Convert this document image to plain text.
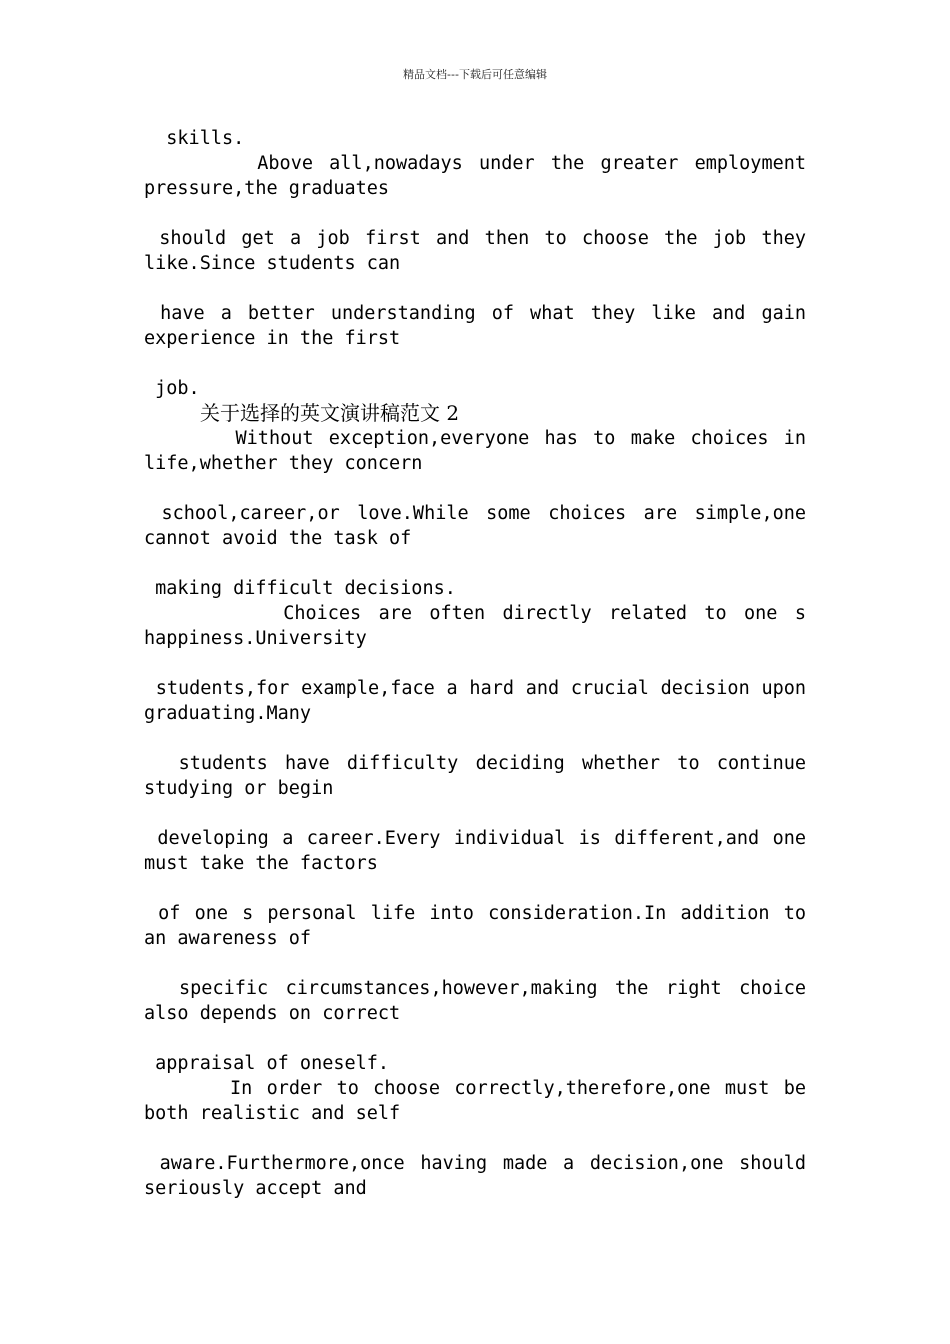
精品文档---下载后可任意编辑
skills.
Above all,nowadays under the greater employment
pressure,the graduates
should get a job first and then to choose the job they
like.Since students can
have a better understanding of what they like and gain
experience in the first
job.
关于选择的英文演讲稿范文 2
Without exception,everyone has to make choices in
life,whether they concern
school,career,or love.While some choices are simple,one
cannot avoid the task of
making difficult decisions.
Choices are often directly related to one s
happiness.University
students,for example,face a hard and crucial decision upon
graduating.Many
students have difficulty deciding whether to continue
studying or begin
developing a career.Every individual is different,and one
must take the factors
of one s personal life into consideration.In addition to
an awareness of
specific circumstances,however,making the right choice
also depends on correct
appraisal of oneself.
In order to choose correctly,therefore,one must be
both realistic and self
aware.Furthermore,once having made a decision,one should
seriously accept and
